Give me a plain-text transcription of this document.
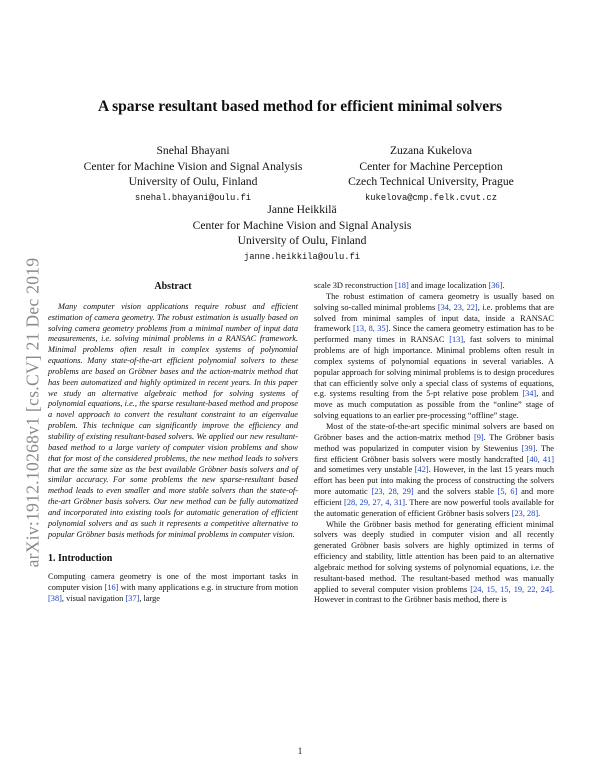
arXiv:1912.10268v1 [cs.CV] 21 Dec 2019
A sparse resultant based method for efficient minimal solvers
Snehal Bhayani
Center for Machine Vision and Signal Analysis
University of Oulu, Finland
snehal.bhayani@oulu.fi
Zuzana Kukelova
Center for Machine Perception
Czech Technical University, Prague
kukelova@cmp.felk.cvut.cz
Janne Heikkilä
Center for Machine Vision and Signal Analysis
University of Oulu, Finland
janne.heikkila@oulu.fi
Abstract

Many computer vision applications require robust and efficient estimation of camera geometry. The robust estimation is usually based on solving camera geometry problems from a minimal number of input data measurements, i.e. solving minimal problems in a RANSAC framework. Minimal problems often result in complex systems of polynomial equations. Many state-of-the-art efficient polynomial solvers to these problems are based on Gröbner bases and the action-matrix method that has been automatized and highly optimized in recent years. In this paper we study an alternative algebraic method for solving systems of polynomial equations, i.e., the sparse resultant-based method and propose a novel approach to convert the resultant constraint to an eigenvalue problem. This technique can significantly improve the efficiency and stability of existing resultant-based solvers. We applied our new resultant-based method to a large variety of computer vision problems and show that for most of the considered problems, the new method leads to solvers that are the same size as the best available Gröbner basis solvers and of similar accuracy. For some problems the new sparse-resultant based method leads to even smaller and more stable solvers than the state-of-the-art Gröbner basis solvers. Our new method can be fully automatized and incorporated into existing tools for automatic generation of efficient polynomial solvers and as such it represents a competitive alternative to popular Gröbner basis methods for minimal problems in computer vision.

1. Introduction

Computing camera geometry is one of the most important tasks in computer vision [16] with many applications e.g. in structure from motion [38], visual navigation [37], large

scale 3D reconstruction [18] and image localization [36].

The robust estimation of camera geometry is usually based on solving so-called minimal problems [34, 23, 22], i.e. problems that are solved from minimal samples of input data, inside a RANSAC framework [13, 8, 35]. Since the camera geometry estimation has to be performed many times in RANSAC [13], fast solvers to minimal problems are of high importance. Minimal problems often result in complex systems of polynomial equations in several variables. A popular approach for solving minimal problems is to design procedures that can efficiently solve only a special class of systems of equations, e.g. systems resulting from the 5-pt relative pose problem [34], and move as much computation as possible from the “online” stage of solving equations to an earlier pre-processing “offline” stage.

Most of the state-of-the-art specific minimal solvers are based on Gröbner bases and the action-matrix method [9]. The Gröbner basis method was popularized in computer vision by Stewenius [39]. The first efficient Gröbner basis solvers were mostly handcrafted [40, 41] and sometimes very unstable [42]. However, in the last 15 years much effort has been put into making the process of constructing the solvers more automatic [23, 28, 29] and the solvers stable [5, 6] and more efficient [28, 29, 27, 4, 31]. There are now powerful tools available for the automatic generation of efficient Gröbner basis solvers [23, 28].

While the Gröbner basis method for generating efficient minimal solvers was deeply studied in computer vision and all recently generated Gröbner basis solvers are highly optimized in terms of efficiency and stability, little attention has been paid to an alternative algebraic method for solving systems of polynomial equations, i.e. the resultant-based method. The resultant-based method was manually applied to several computer vision problems [24, 15, 15, 19, 22, 24]. However in contrast to the Gröbner basis method, there is

1
